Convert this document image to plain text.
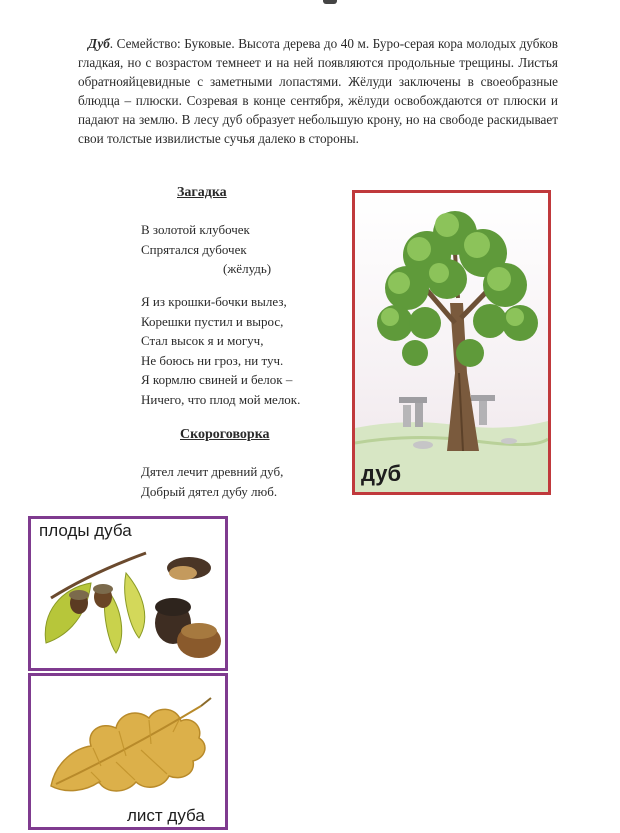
Дуб. Семейство: Буковые. Высота дерева до 40 м. Буро-серая кора молодых дубков гладкая, но с возрастом темнеет и на ней появляются продольные трещины. Листья обратнояйцевидные с заметными лопастями. Жёлуди заключены в своеобразные блюдца – плюски. Созревая в конце сентября, жёлуди освобождаются от плюски и падают на землю. В лесу дуб образует небольшую крону, но на свободе раскидывает свои толстые извилистые сучья далеко в стороны.
Загадка
В золотой клубочек
Спрятался дубочек
(жёлудь)
Я из крошки-бочки вылез,
Корешки пустил и вырос,
Стал высок я и могуч,
Не боюсь ни гроз, ни туч.
Я кормлю свиней и белок –
Ничего, что плод мой мелок.
Скороговорка
Дятел лечит древний дуб,
Добрый дятел дубу люб.
дуб
плоды дуба
лист дуба
